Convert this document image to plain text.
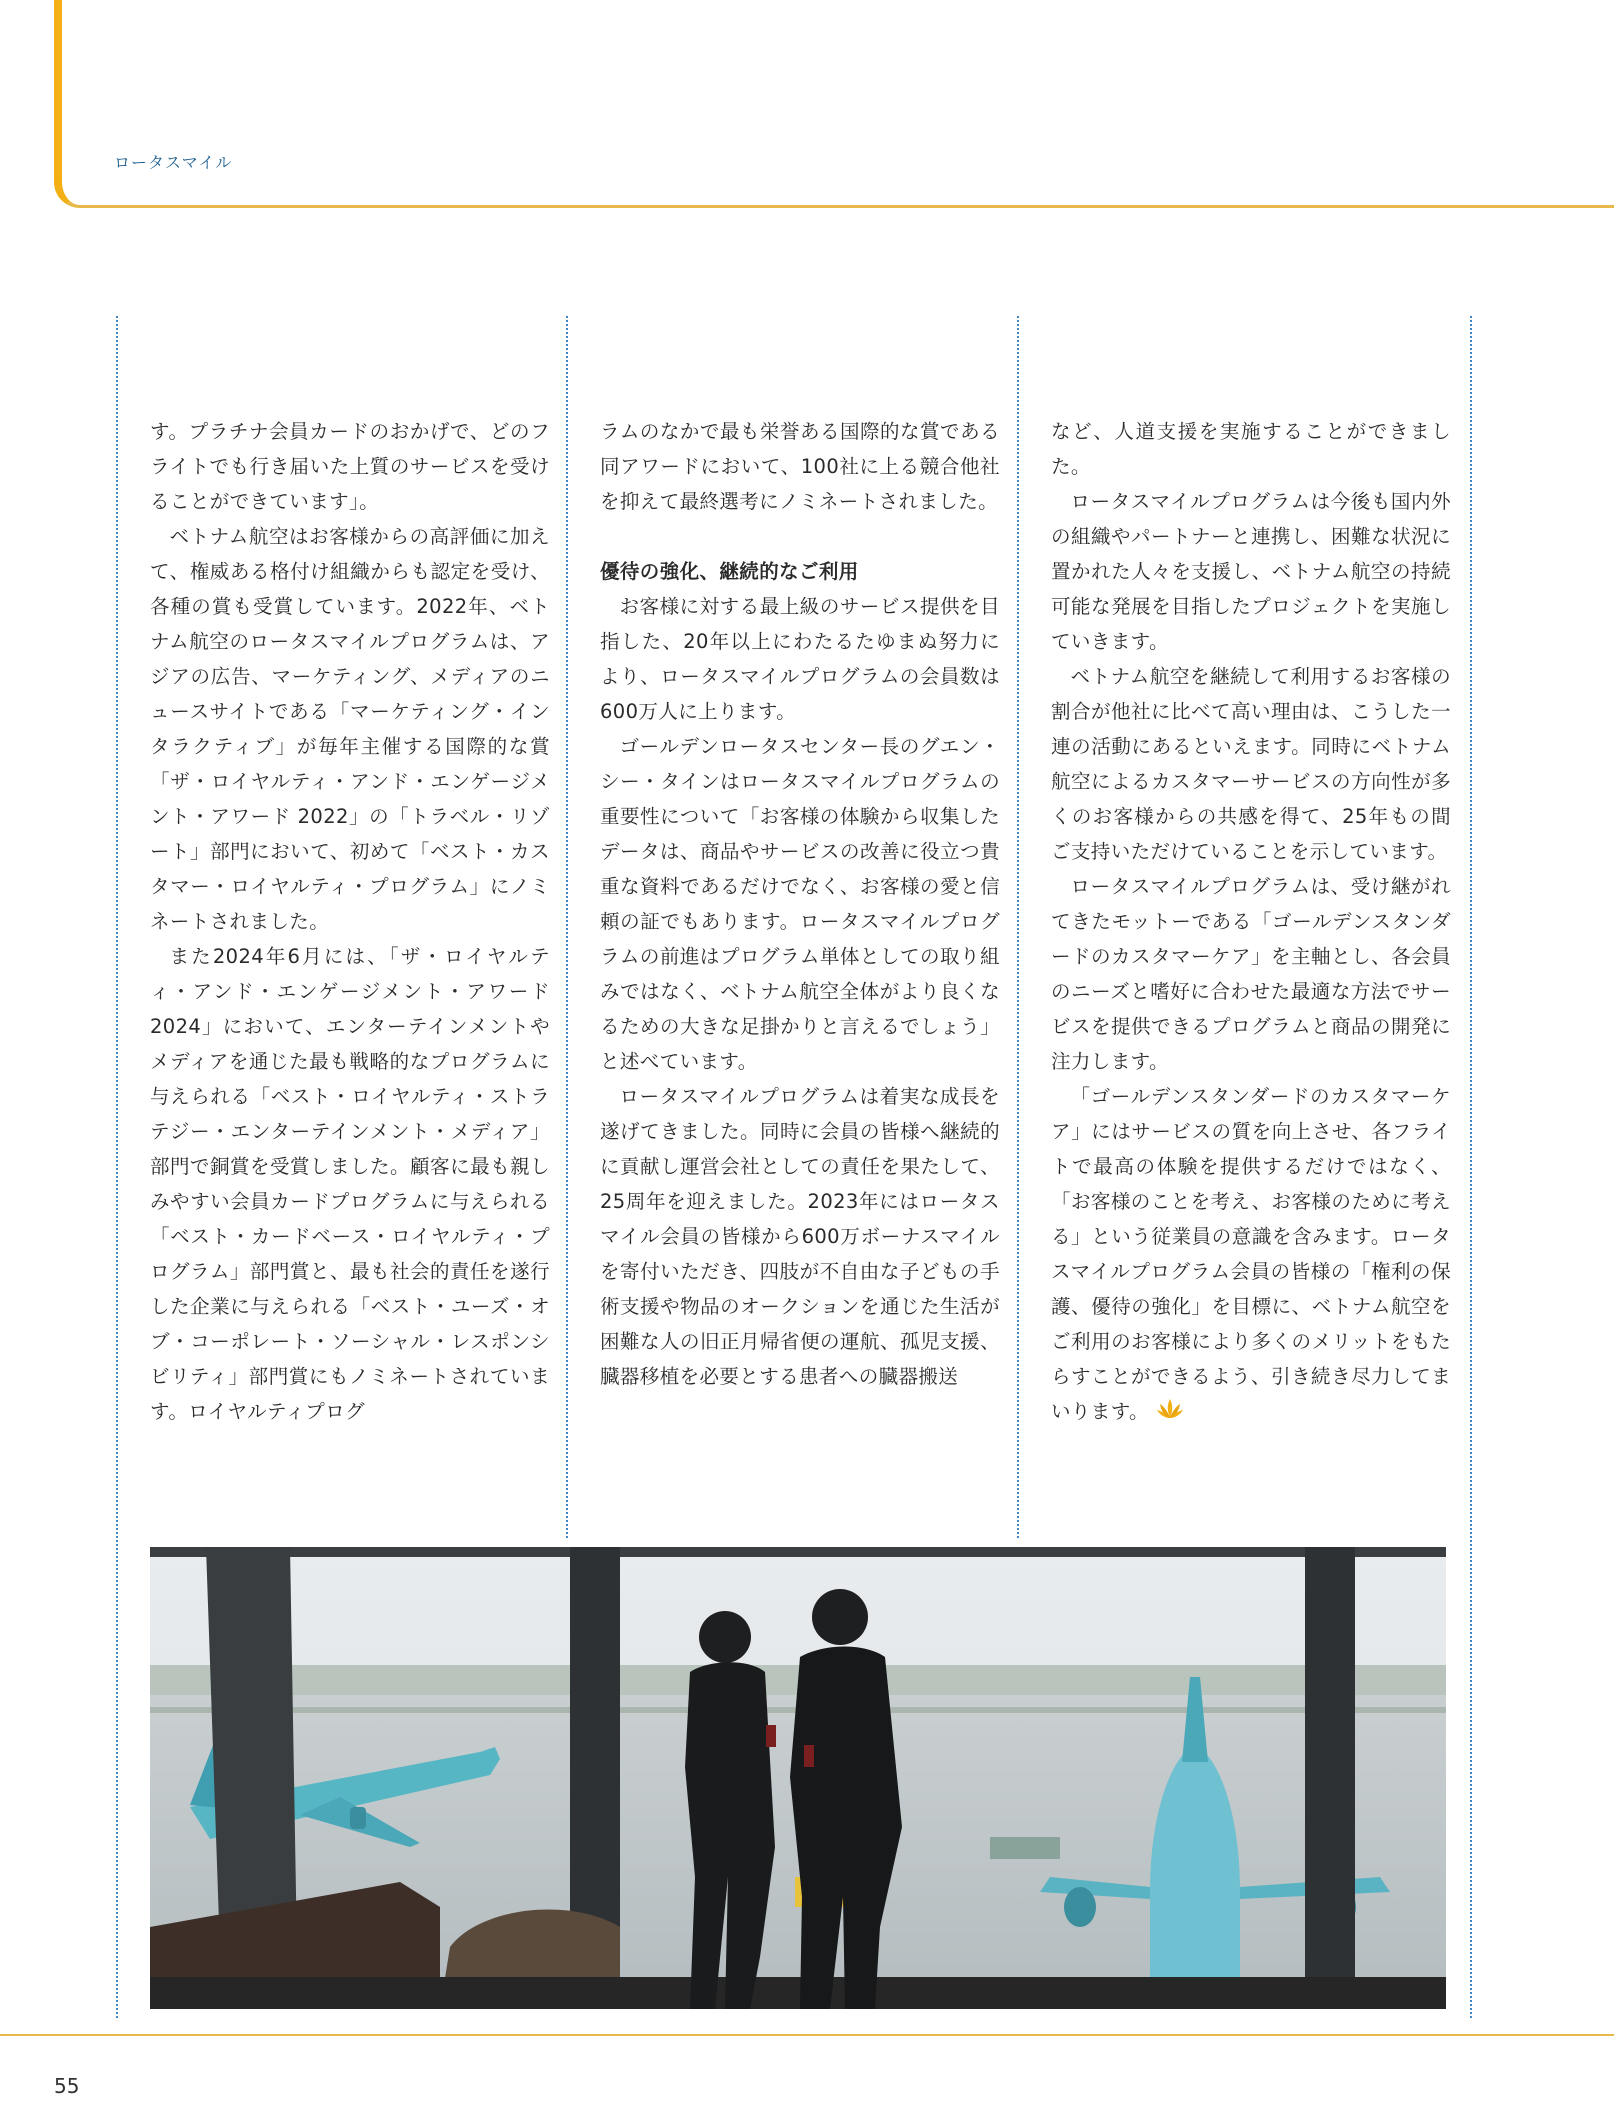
ロータスマイル

す。プラチナ会員カードのおかげで、どのフライトでも行き届いた上質のサービスを受けることができています」。

ベトナム航空はお客様からの高評価に加えて、権威ある格付け組織からも認定を受け、各種の賞も受賞しています。2022年、ベトナム航空のロータスマイルプログラムは、アジアの広告、マーケティング、メディアのニュースサイトである「マーケティング・インタラクティブ」が毎年主催する国際的な賞「ザ・ロイヤルティ・アンド・エンゲージメント・アワード 2022」の「トラベル・リゾート」部門において、初めて「ベスト・カスタマー・ロイヤルティ・プログラム」にノミネートされました。

また2024年6月には、「ザ・ロイヤルティ・アンド・エンゲージメント・アワード 2024」において、エンターテインメントやメディアを通じた最も戦略的なプログラムに与えられる「ベスト・ロイヤルティ・ストラテジー・エンターテインメント・メディア」部門で銅賞を受賞しました。顧客に最も親しみやすい会員カードプログラムに与えられる「ベスト・カードベース・ロイヤルティ・プログラム」部門賞と、最も社会的責任を遂行した企業に与えられる「ベスト・ユーズ・オブ・コーポレート・ソーシャル・レスポンシビリティ」部門賞にもノミネートされています。ロイヤルティプログ

ラムのなかで最も栄誉ある国際的な賞である同アワードにおいて、100社に上る競合他社を抑えて最終選考にノミネートされました。

優待の強化、継続的なご利用

お客様に対する最上級のサービス提供を目指した、20年以上にわたるたゆまぬ努力により、ロータスマイルプログラムの会員数は600万人に上ります。

ゴールデンロータスセンター長のグエン・シー・タインはロータスマイルプログラムの重要性について「お客様の体験から収集したデータは、商品やサービスの改善に役立つ貴重な資料であるだけでなく、お客様の愛と信頼の証でもあります。ロータスマイルプログラムの前進はプログラム単体としての取り組みではなく、ベトナム航空全体がより良くなるための大きな足掛かりと言えるでしょう」と述べています。

ロータスマイルプログラムは着実な成長を遂げてきました。同時に会員の皆様へ継続的に貢献し運営会社としての責任を果たして、25周年を迎えました。2023年にはロータスマイル会員の皆様から600万ボーナスマイルを寄付いただき、四肢が不自由な子どもの手術支援や物品のオークションを通じた生活が困難な人の旧正月帰省便の運航、孤児支援、臓器移植を必要とする患者への臓器搬送

など、人道支援を実施することができました。

ロータスマイルプログラムは今後も国内外の組織やパートナーと連携し、困難な状況に置かれた人々を支援し、ベトナム航空の持続可能な発展を目指したプロジェクトを実施していきます。

ベトナム航空を継続して利用するお客様の割合が他社に比べて高い理由は、こうした一連の活動にあるといえます。同時にベトナム航空によるカスタマーサービスの方向性が多くのお客様からの共感を得て、25年もの間ご支持いただけていることを示しています。

ロータスマイルプログラムは、受け継がれてきたモットーである「ゴールデンスタンダードのカスタマーケア」を主軸とし、各会員のニーズと嗜好に合わせた最適な方法でサービスを提供できるプログラムと商品の開発に注力します。

「ゴールデンスタンダードのカスタマーケア」にはサービスの質を向上させ、各フライトで最高の体験を提供するだけではなく、「お客様のことを考え、お客様のために考える」という従業員の意識を含みます。ロータスマイルプログラム会員の皆様の「権利の保護、優待の強化」を目標に、ベトナム航空をご利用のお客様により多くのメリットをもたらすことができるよう、引き続き尽力してまいります。

55
